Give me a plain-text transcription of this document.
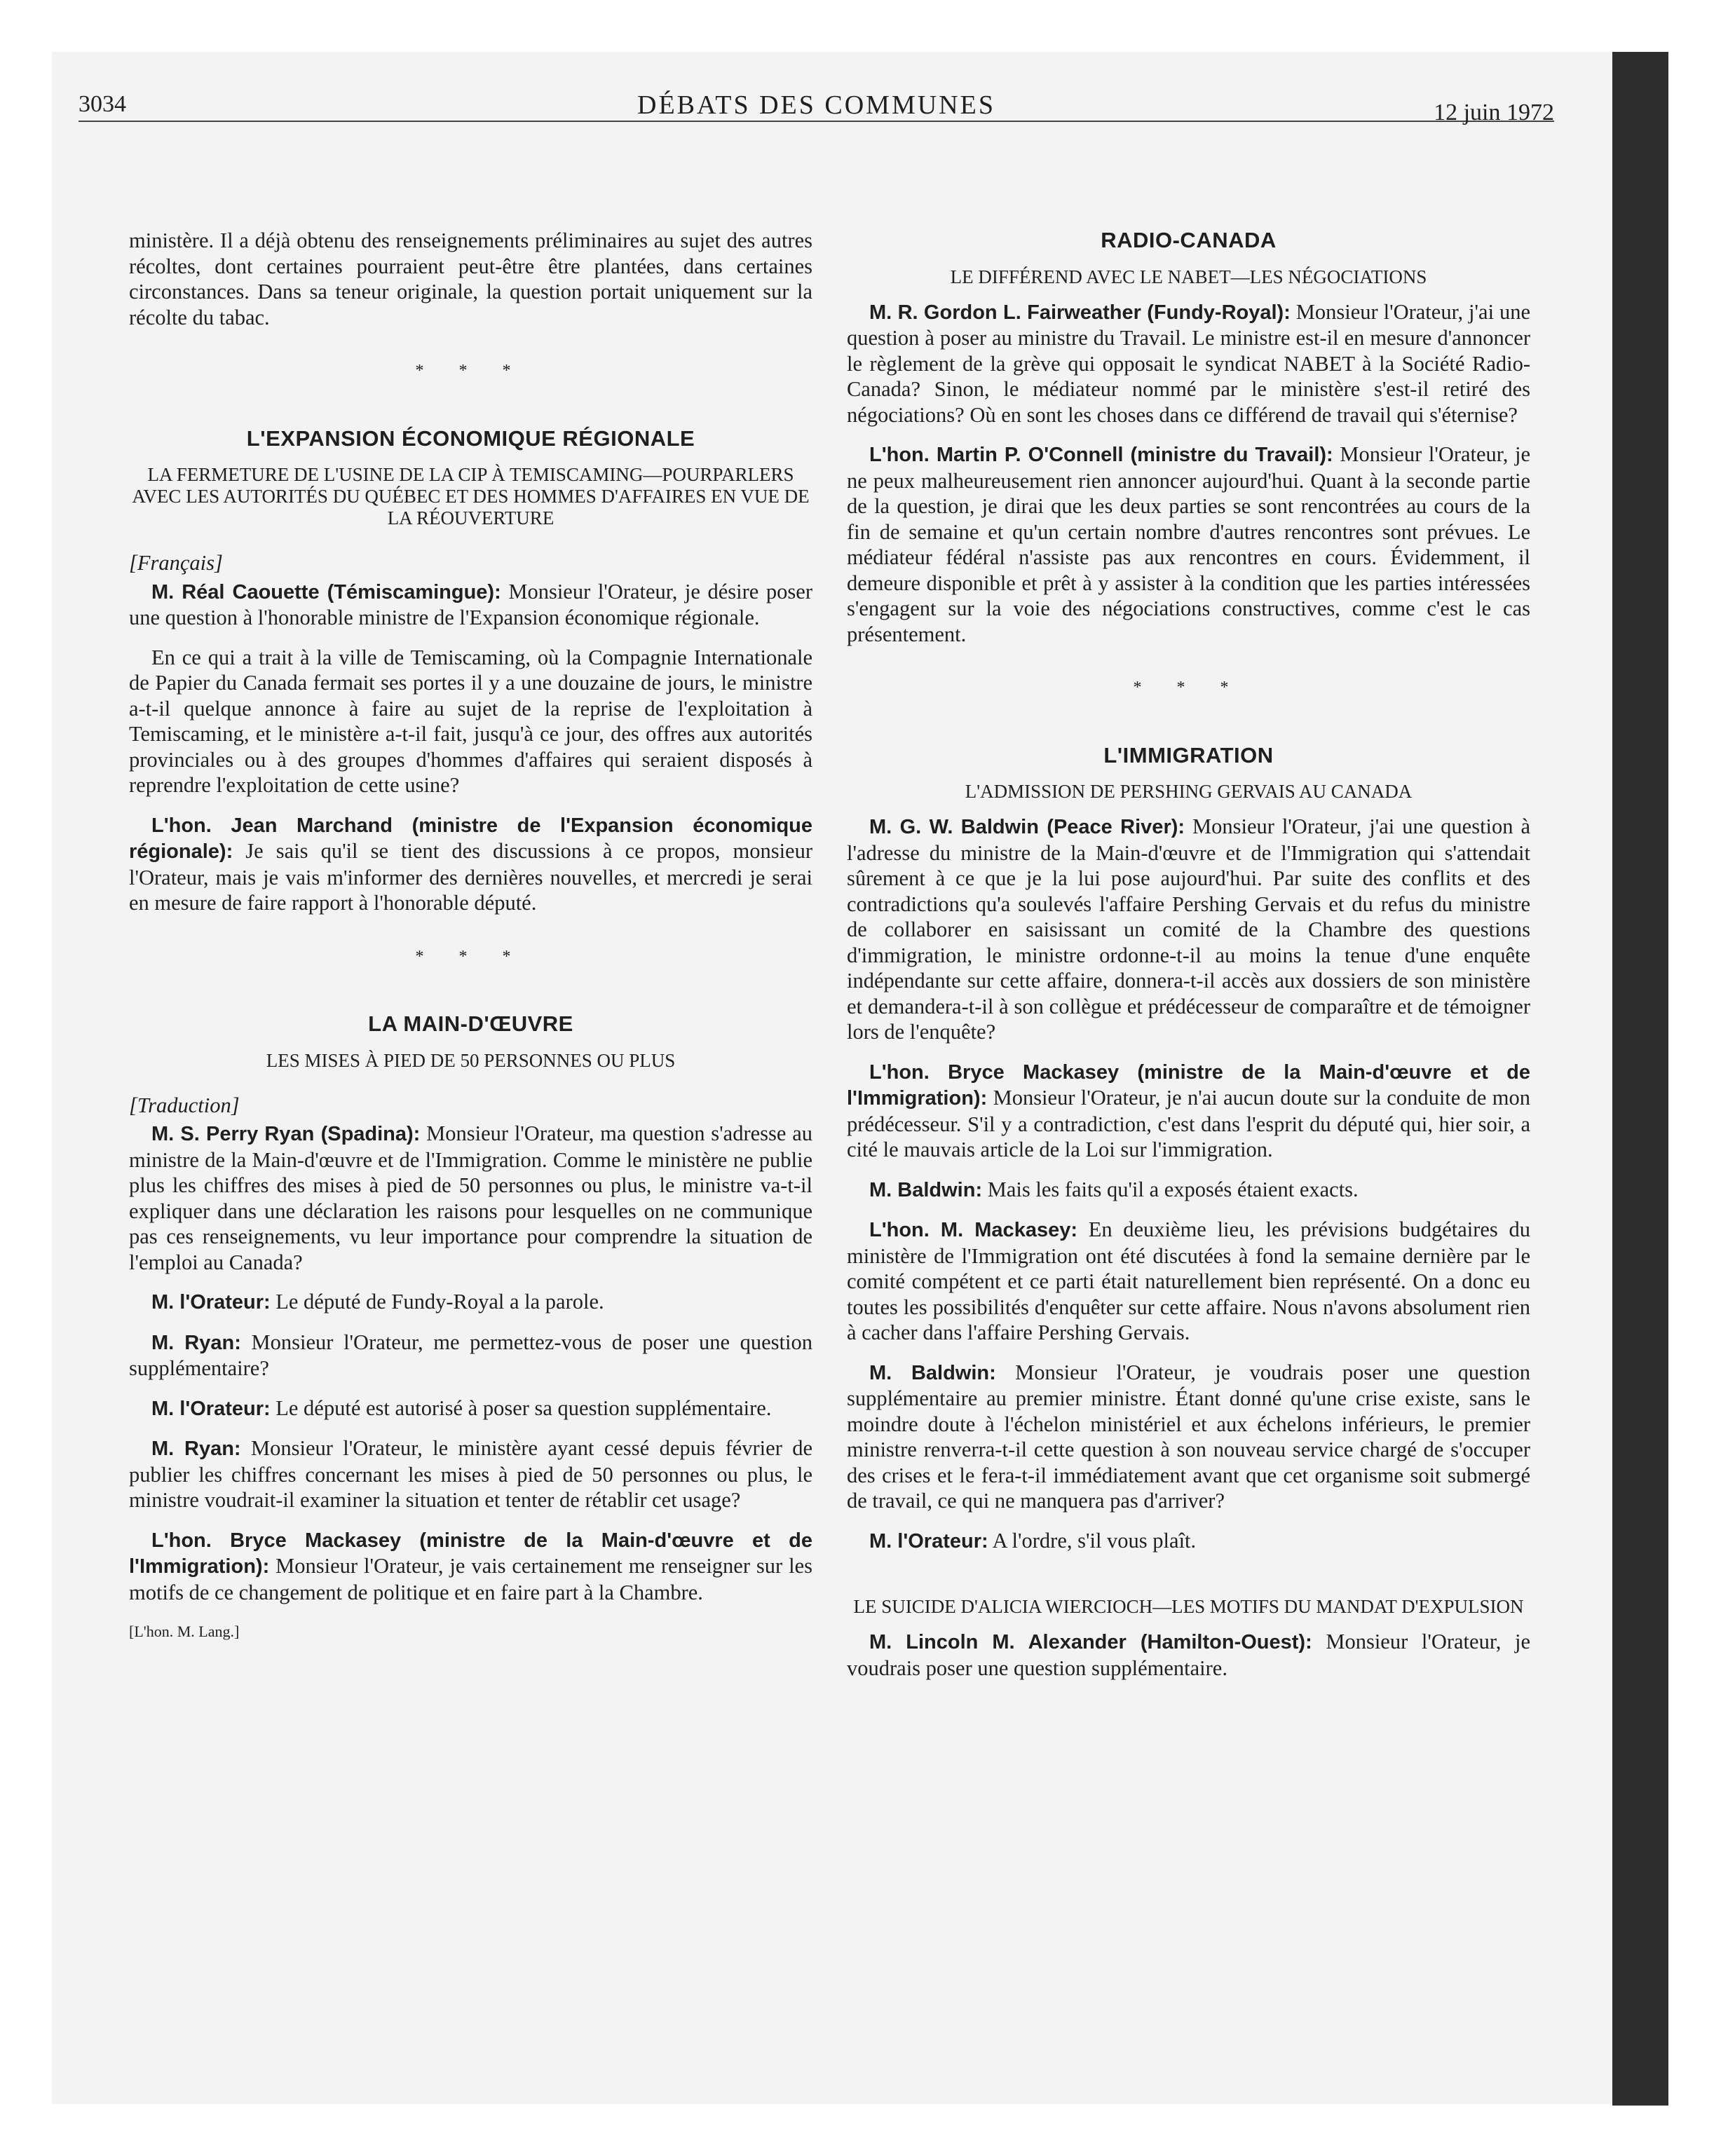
3034	DÉBATS DES COMMUNES	12 juin 1972

ministère. Il a déjà obtenu des renseignements préliminaires au sujet des autres récoltes, dont certaines pourraient peut-être être plantées, dans certaines circonstances. Dans sa teneur originale, la question portait uniquement sur la récolte du tabac.

* * *
L'EXPANSION ÉCONOMIQUE RÉGIONALE
LA FERMETURE DE L'USINE DE LA CIP À TEMISCAMING—POURPARLERS AVEC LES AUTORITÉS DU QUÉBEC ET DES HOMMES D'AFFAIRES EN VUE DE LA RÉOUVERTURE
[Français]

M. Réal Caouette (Témiscamingue): Monsieur l'Orateur, je désire poser une question à l'honorable ministre de l'Expansion économique régionale.

En ce qui a trait à la ville de Temiscaming, où la Compagnie Internationale de Papier du Canada fermait ses portes il y a une douzaine de jours, le ministre a-t-il quelque annonce à faire au sujet de la reprise de l'exploitation à Temiscaming, et le ministère a-t-il fait, jusqu'à ce jour, des offres aux autorités provinciales ou à des groupes d'hommes d'affaires qui seraient disposés à reprendre l'exploitation de cette usine?

L'hon. Jean Marchand (ministre de l'Expansion économique régionale): Je sais qu'il se tient des discussions à ce propos, monsieur l'Orateur, mais je vais m'informer des dernières nouvelles, et mercredi je serai en mesure de faire rapport à l'honorable député.

* * *
LA MAIN-D'ŒUVRE
LES MISES À PIED DE 50 PERSONNES OU PLUS
[Traduction]

M. S. Perry Ryan (Spadina): Monsieur l'Orateur, ma question s'adresse au ministre de la Main-d'œuvre et de l'Immigration. Comme le ministère ne publie plus les chiffres des mises à pied de 50 personnes ou plus, le ministre va-t-il expliquer dans une déclaration les raisons pour lesquelles on ne communique pas ces renseignements, vu leur importance pour comprendre la situation de l'emploi au Canada?

M. l'Orateur: Le député de Fundy-Royal a la parole.

M. Ryan: Monsieur l'Orateur, me permettez-vous de poser une question supplémentaire?

M. l'Orateur: Le député est autorisé à poser sa question supplémentaire.

M. Ryan: Monsieur l'Orateur, le ministère ayant cessé depuis février de publier les chiffres concernant les mises à pied de 50 personnes ou plus, le ministre voudrait-il examiner la situation et tenter de rétablir cet usage?

L'hon. Bryce Mackasey (ministre de la Main-d'œuvre et de l'Immigration): Monsieur l'Orateur, je vais certainement me renseigner sur les motifs de ce changement de politique et en faire part à la Chambre.

[L'hon. M. Lang.]
RADIO-CANADA
LE DIFFÉREND AVEC LE NABET—LES NÉGOCIATIONS

M. R. Gordon L. Fairweather (Fundy-Royal): Monsieur l'Orateur, j'ai une question à poser au ministre du Travail. Le ministre est-il en mesure d'annoncer le règlement de la grève qui opposait le syndicat NABET à la Société Radio-Canada? Sinon, le médiateur nommé par le ministère s'est-il retiré des négociations? Où en sont les choses dans ce différend de travail qui s'éternise?

L'hon. Martin P. O'Connell (ministre du Travail): Monsieur l'Orateur, je ne peux malheureusement rien annoncer aujourd'hui. Quant à la seconde partie de la question, je dirai que les deux parties se sont rencontrées au cours de la fin de semaine et qu'un certain nombre d'autres rencontres sont prévues. Le médiateur fédéral n'assiste pas aux rencontres en cours. Évidemment, il demeure disponible et prêt à y assister à la condition que les parties intéressées s'engagent sur la voie des négociations constructives, comme c'est le cas présentement.

* * *
L'IMMIGRATION
L'ADMISSION DE PERSHING GERVAIS AU CANADA

M. G. W. Baldwin (Peace River): Monsieur l'Orateur, j'ai une question à l'adresse du ministre de la Main-d'œuvre et de l'Immigration qui s'attendait sûrement à ce que je la lui pose aujourd'hui. Par suite des conflits et des contradictions qu'a soulevés l'affaire Pershing Gervais et du refus du ministre de collaborer en saisissant un comité de la Chambre des questions d'immigration, le ministre ordonne-t-il au moins la tenue d'une enquête indépendante sur cette affaire, donnera-t-il accès aux dossiers de son ministère et demandera-t-il à son collègue et prédécesseur de comparaître et de témoigner lors de l'enquête?

L'hon. Bryce Mackasey (ministre de la Main-d'œuvre et de l'Immigration): Monsieur l'Orateur, je n'ai aucun doute sur la conduite de mon prédécesseur. S'il y a contradiction, c'est dans l'esprit du député qui, hier soir, a cité le mauvais article de la Loi sur l'immigration.

M. Baldwin: Mais les faits qu'il a exposés étaient exacts.

L'hon. M. Mackasey: En deuxième lieu, les prévisions budgétaires du ministère de l'Immigration ont été discutées à fond la semaine dernière par le comité compétent et ce parti était naturellement bien représenté. On a donc eu toutes les possibilités d'enquêter sur cette affaire. Nous n'avons absolument rien à cacher dans l'affaire Pershing Gervais.

M. Baldwin: Monsieur l'Orateur, je voudrais poser une question supplémentaire au premier ministre. Étant donné qu'une crise existe, sans le moindre doute à l'échelon ministériel et aux échelons inférieurs, le premier ministre renverra-t-il cette question à son nouveau service chargé de s'occuper des crises et le fera-t-il immédiatement avant que cet organisme soit submergé de travail, ce qui ne manquera pas d'arriver?

M. l'Orateur: A l'ordre, s'il vous plaît.

LE SUICIDE D'ALICIA WIERCIOCH—LES MOTIFS DU MANDAT D'EXPULSION

M. Lincoln M. Alexander (Hamilton-Ouest): Monsieur l'Orateur, je voudrais poser une question supplémentaire.
